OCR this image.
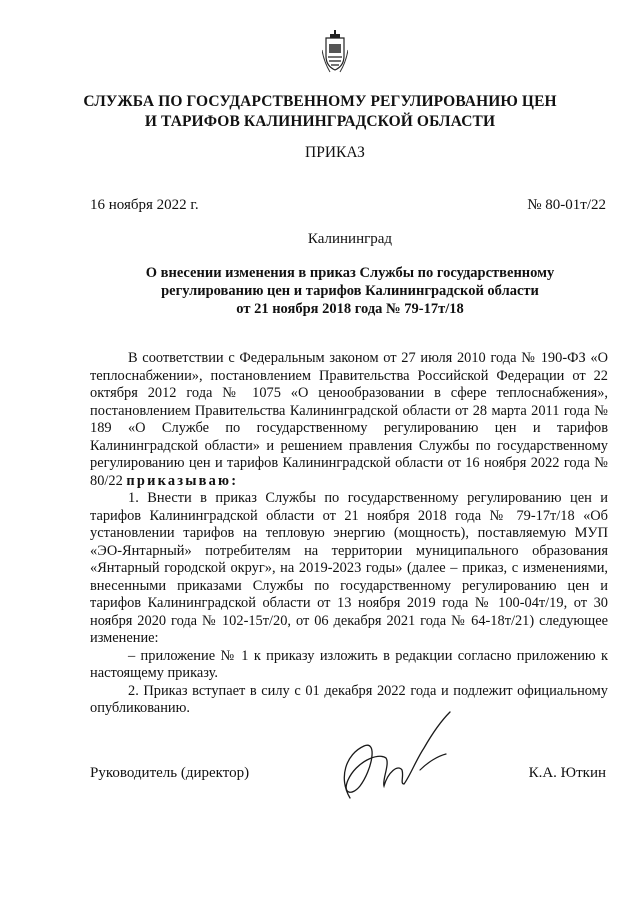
СЛУЖБА ПО ГОСУДАРСТВЕННОМУ РЕГУЛИРОВАНИЮ ЦЕН
И ТАРИФОВ КАЛИНИНГРАДСКОЙ ОБЛАСТИ
ПРИКАЗ
16 ноября 2022 г.	№ 80-01т/22
Калининград
О внесении изменения в приказ Службы по государственному
регулированию цен и тарифов Калининградской области
от 21 ноября 2018 года № 79-17т/18

В соответствии с Федеральным законом от 27 июля 2010 года № 190-ФЗ «О теплоснабжении», постановлением Правительства Российской Федерации от 22 октября 2012 года № 1075 «О ценообразовании в сфере теплоснабжения», постановлением Правительства Калининградской области от 28 марта 2011 года № 189 «О Службе по государственному регулированию цен и тарифов Калининградской области» и решением правления Службы по государственному регулированию цен и тарифов Калининградской области от 16 ноября 2022 года № 80/22 приказываю:

1. Внести в приказ Службы по государственному регулированию цен и тарифов Калининградской области от 21 ноября 2018 года № 79-17т/18 «Об установлении тарифов на тепловую энергию (мощность), поставляемую МУП «ЭО-Янтарный» потребителям на территории муниципального образования «Янтарный городской округ», на 2019-2023 годы» (далее – приказ, с изменениями, внесенными приказами Службы по государственному регулированию цен и тарифов Калининградской области от 13 ноября 2019 года № 100-04т/19, от 30 ноября 2020 года № 102-15т/20, от 06 декабря 2021 года № 64-18т/21) следующее изменение:

– приложение № 1 к приказу изложить в редакции согласно приложению к настоящему приказу.

2. Приказ вступает в силу с 01 декабря 2022 года и подлежит официальному опубликованию.

Руководитель (директор)	К.А. Юткин
